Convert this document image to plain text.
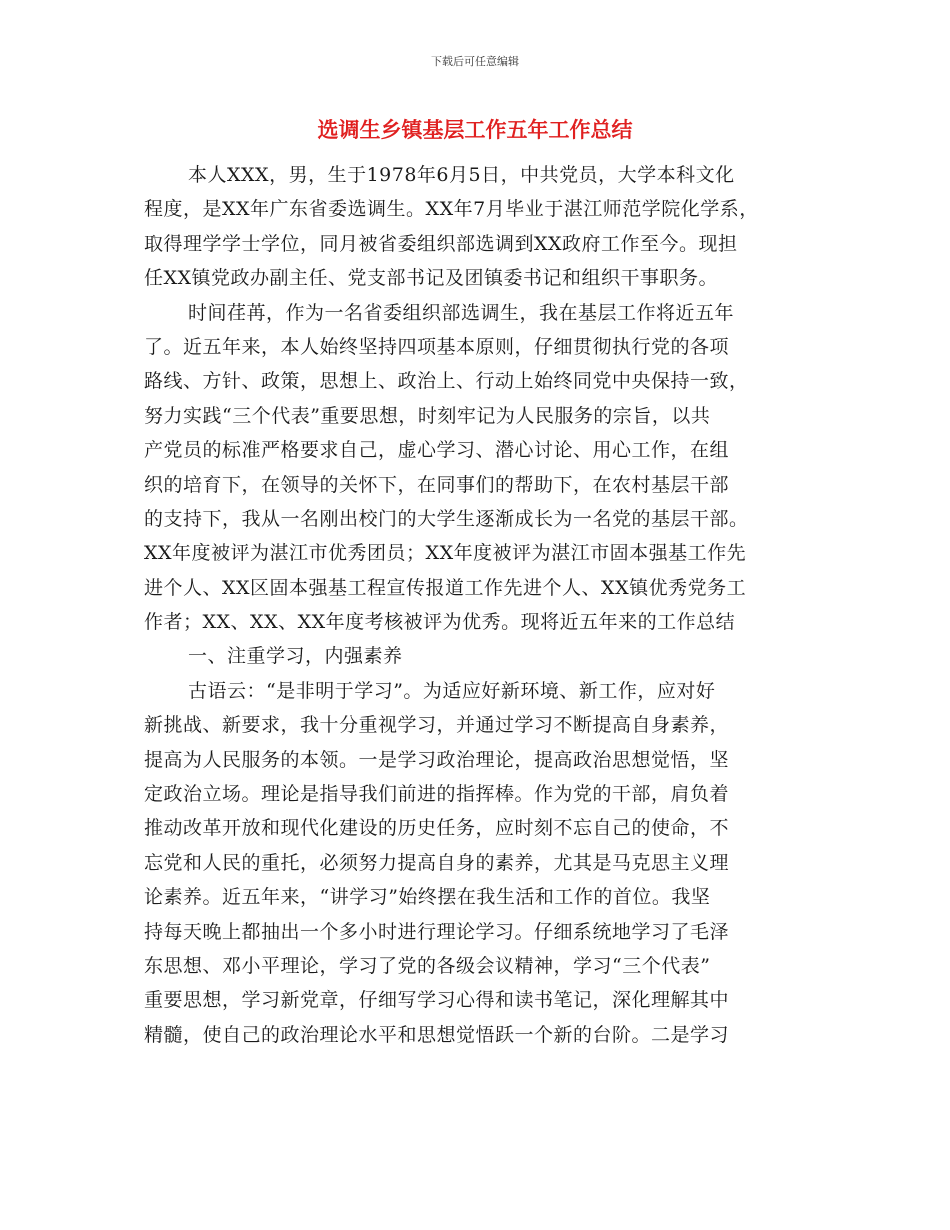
下载后可任意编辑
选调生乡镇基层工作五年工作总结
本人XXX，男，生于1978年6月5日，中共党员，大学本科文化
程度，是XX年广东省委选调生。XX年7月毕业于湛江师范学院化学系，
取得理学学士学位，同月被省委组织部选调到XX政府工作至今。现担
任XX镇党政办副主任、党支部书记及团镇委书记和组织干事职务。
时间荏苒，作为一名省委组织部选调生，我在基层工作将近五年
了。近五年来，本人始终坚持四项基本原则，仔细贯彻执行党的各项
路线、方针、政策，思想上、政治上、行动上始终同党中央保持一致，
努力实践“三个代表”重要思想，时刻牢记为人民服务的宗旨，以共
产党员的标准严格要求自己，虚心学习、潜心讨论、用心工作，在组
织的培育下，在领导的关怀下，在同事们的帮助下，在农村基层干部
的支持下，我从一名刚出校门的大学生逐渐成长为一名党的基层干部。
XX年度被评为湛江市优秀团员；XX年度被评为湛江市固本强基工作先
进个人、XX区固本强基工程宣传报道工作先进个人、XX镇优秀党务工
作者；XX、XX、XX年度考核被评为优秀。现将近五年来的工作总结
一、注重学习，内强素养
古语云：“是非明于学习”。为适应好新环境、新工作，应对好
新挑战、新要求，我十分重视学习，并通过学习不断提高自身素养，
提高为人民服务的本领。一是学习政治理论，提高政治思想觉悟，坚
定政治立场。理论是指导我们前进的指挥棒。作为党的干部，肩负着
推动改革开放和现代化建设的历史任务，应时刻不忘自己的使命，不
忘党和人民的重托，必须努力提高自身的素养，尤其是马克思主义理
论素养。近五年来，“讲学习”始终摆在我生活和工作的首位。我坚
持每天晚上都抽出一个多小时进行理论学习。仔细系统地学习了毛泽
东思想、邓小平理论，学习了党的各级会议精神，学习“三个代表”
重要思想，学习新党章，仔细写学习心得和读书笔记，深化理解其中
精髓，使自己的政治理论水平和思想觉悟跃一个新的台阶。二是学习
